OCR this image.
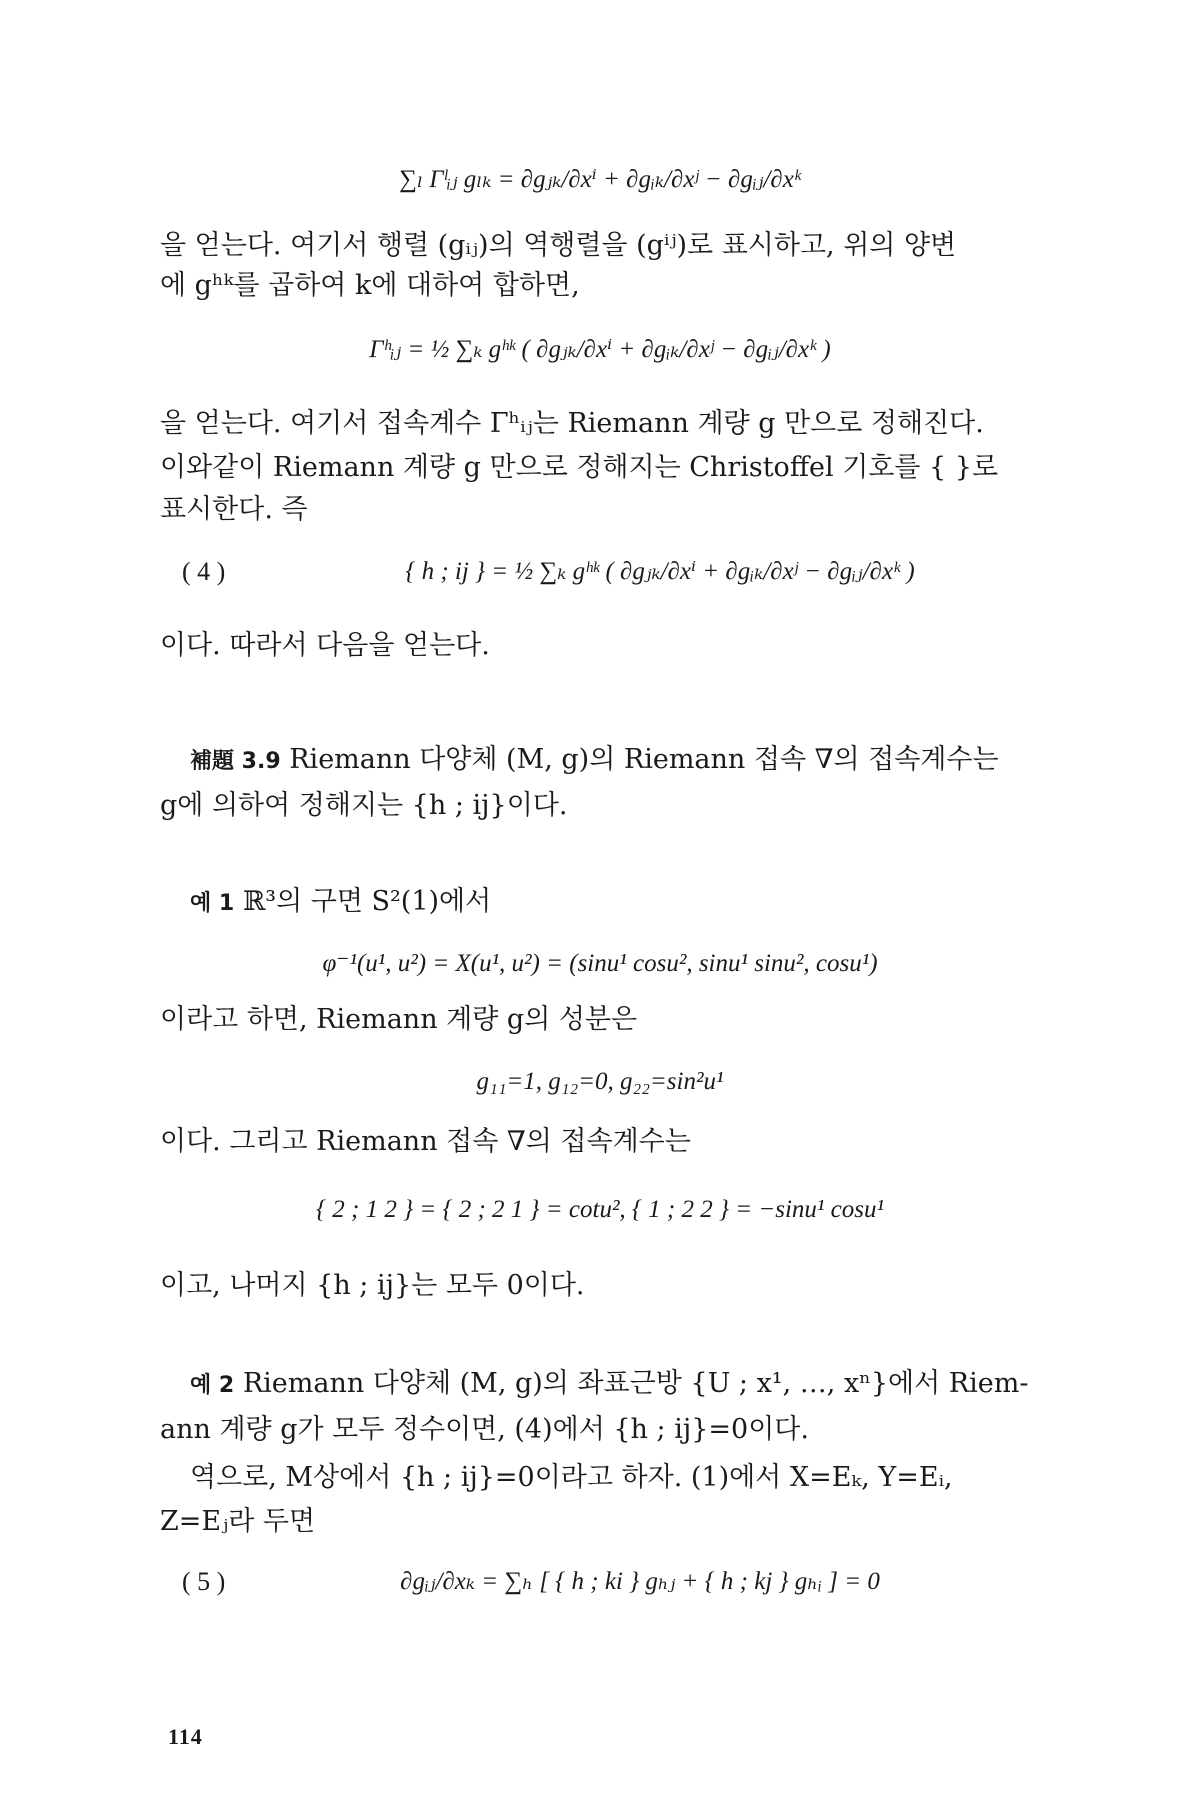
∑ₗ Γˡᵢⱼ gₗₖ = ∂gⱼₖ/∂xⁱ + ∂gᵢₖ/∂xʲ − ∂gᵢⱼ/∂xᵏ
을 얻는다. 여기서 행렬 (gᵢⱼ)의 역행렬을 (gⁱʲ)로 표시하고, 위의 양변
에 gʰᵏ를 곱하여 k에 대하여 합하면,
Γʰᵢⱼ = ½ ∑ₖ gʰᵏ ( ∂gⱼₖ/∂xⁱ + ∂gᵢₖ/∂xʲ − ∂gᵢⱼ/∂xᵏ )
을 얻는다. 여기서 접속계수 Γʰᵢⱼ는 Riemann 계량 g 만으로 정해진다.
이와같이 Riemann 계량 g 만으로 정해지는 Christoffel 기호를 { }로
표시한다. 즉
( 4 )	{ h ; ij } = ½ ∑ₖ gʰᵏ ( ∂gⱼₖ/∂xⁱ + ∂gᵢₖ/∂xʲ − ∂gᵢⱼ/∂xᵏ )
이다. 따라서 다음을 얻는다.
補題 3.9 Riemann 다양체 (M, g)의 Riemann 접속 ∇의 접속계수는
g에 의하여 정해지는 {h ; ij}이다.
예 1 ℝ³의 구면 S²(1)에서
φ⁻¹(u¹, u²) = X(u¹, u²) = (sinu¹ cosu², sinu¹ sinu², cosu¹)
이라고 하면, Riemann 계량 g의 성분은
g₁₁=1, g₁₂=0, g₂₂=sin²u¹
이다. 그리고 Riemann 접속 ∇의 접속계수는
{ 2 ; 1 2 } = { 2 ; 2 1 } = cotu², { 1 ; 2 2 } = −sinu¹ cosu¹
이고, 나머지 {h ; ij}는 모두 0이다.
예 2 Riemann 다양체 (M, g)의 좌표근방 {U ; x¹, …, xⁿ}에서 Riem-
ann 계량 g가 모두 정수이면, (4)에서 {h ; ij}=0이다.
역으로, M상에서 {h ; ij}=0이라고 하자. (1)에서 X=Eₖ, Y=Eᵢ,
Z=Eⱼ라 두면
( 5 )	∂gᵢⱼ/∂xₖ = ∑ₕ [ { h ; ki } gₕⱼ + { h ; kj } gₕᵢ ] = 0
114
